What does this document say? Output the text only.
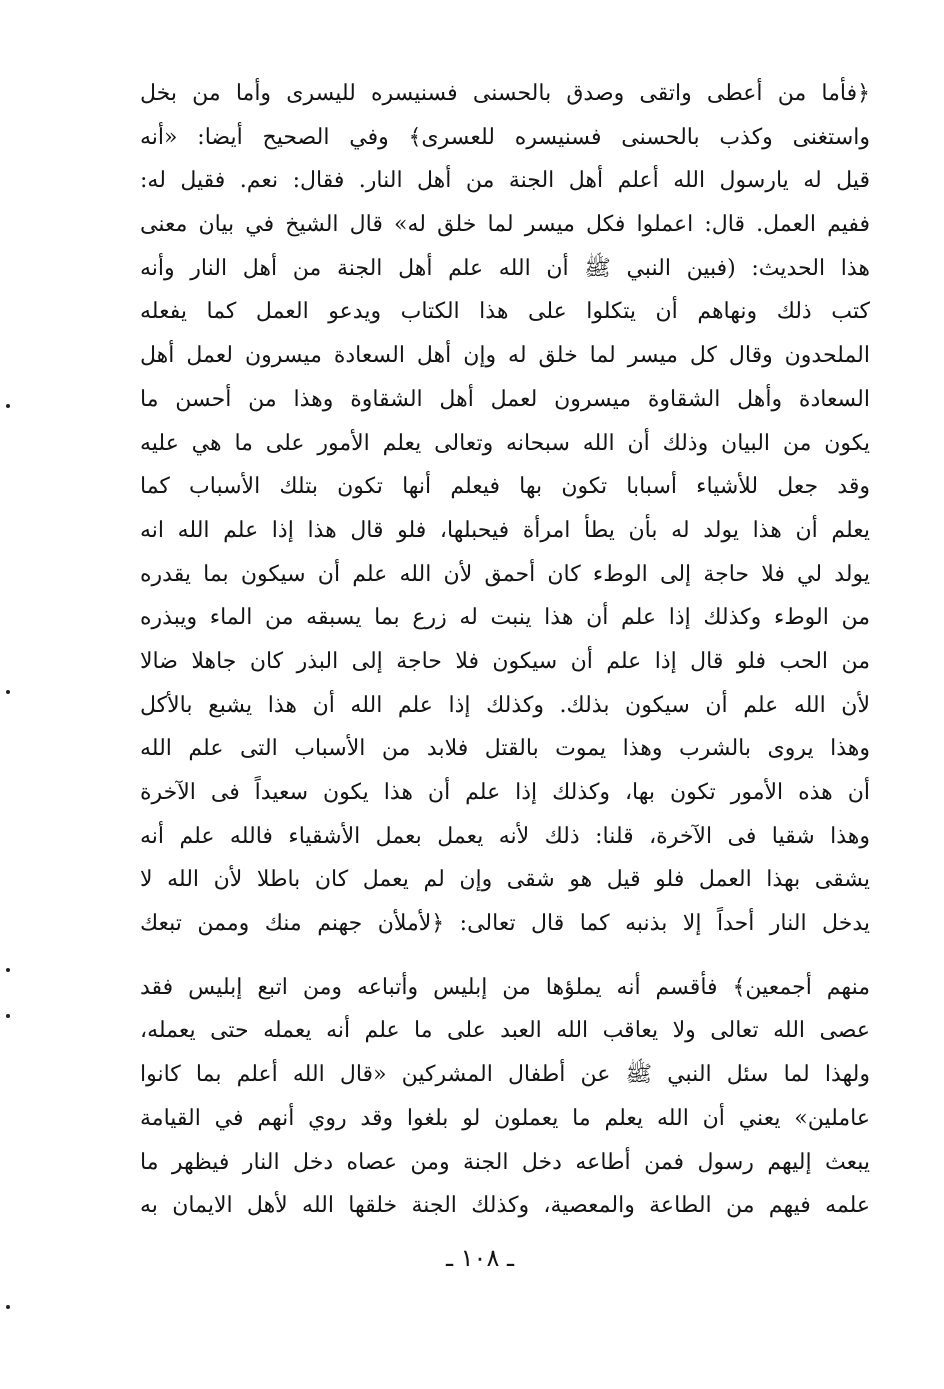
﴿فأما من أعطى واتقى وصدق بالحسنى فسنيسره لليسرى وأما من بخل
واستغنى وكذب بالحسنى فسنيسره للعسرى﴾ وفي الصحيح أيضا: «أنه
قيل له يارسول الله أعلم أهل الجنة من أهل النار. فقال: نعم. فقيل له:
ففيم العمل. قال: اعملوا فكل ميسر لما خلق له» قال الشيخ في بيان معنى
هذا الحديث: (فبين النبي ﷺ أن الله علم أهل الجنة من أهل النار وأنه
كتب ذلك ونهاهم أن يتكلوا على هذا الكتاب ويدعو العمل كما يفعله
الملحدون وقال كل ميسر لما خلق له وإن أهل السعادة ميسرون لعمل أهل
السعادة وأهل الشقاوة ميسرون لعمل أهل الشقاوة وهذا من أحسن ما
يكون من البيان وذلك أن الله سبحانه وتعالى يعلم الأمور على ما هي عليه
وقد جعل للأشياء أسبابا تكون بها فيعلم أنها تكون بتلك الأسباب كما
يعلم أن هذا يولد له بأن يطأ امرأة فيحبلها، فلو قال هذا إذا علم الله انه
يولد لي فلا حاجة إلى الوطء كان أحمق لأن الله علم أن سيكون بما يقدره
من الوطء وكذلك إذا علم أن هذا ينبت له زرع بما يسبقه من الماء ويبذره
من الحب فلو قال إذا علم أن سيكون فلا حاجة إلى البذر كان جاهلا ضالا
لأن الله علم أن سيكون بذلك. وكذلك إذا علم الله أن هذا يشبع بالأكل
وهذا يروى بالشرب وهذا يموت بالقتل فلابد من الأسباب التى علم الله
أن هذه الأمور تكون بها، وكذلك إذا علم أن هذا يكون سعيداً فى الآخرة
وهذا شقيا فى الآخرة، قلنا: ذلك لأنه يعمل بعمل الأشقياء فالله علم أنه
يشقى بهذا العمل فلو قيل هو شقى وإن لم يعمل كان باطلا لأن الله لا
يدخل النار أحداً إلا بذنبه كما قال تعالى: ﴿لأملأن جهنم منك وممن تبعك
منهم أجمعين﴾ فأقسم أنه يملؤها من إبليس وأتباعه ومن اتبع إبليس فقد
عصى الله تعالى ولا يعاقب الله العبد على ما علم أنه يعمله حتى يعمله،
ولهذا لما سئل النبي ﷺ عن أطفال المشركين «قال الله أعلم بما كانوا
عاملين» يعني أن الله يعلم ما يعملون لو بلغوا وقد روي أنهم في القيامة
يبعث إليهم رسول فمن أطاعه دخل الجنة ومن عصاه دخل النار فيظهر ما
علمه فيهم من الطاعة والمعصية، وكذلك الجنة خلقها الله لأهل الايمان به
ـ ١٠٨ ـ
